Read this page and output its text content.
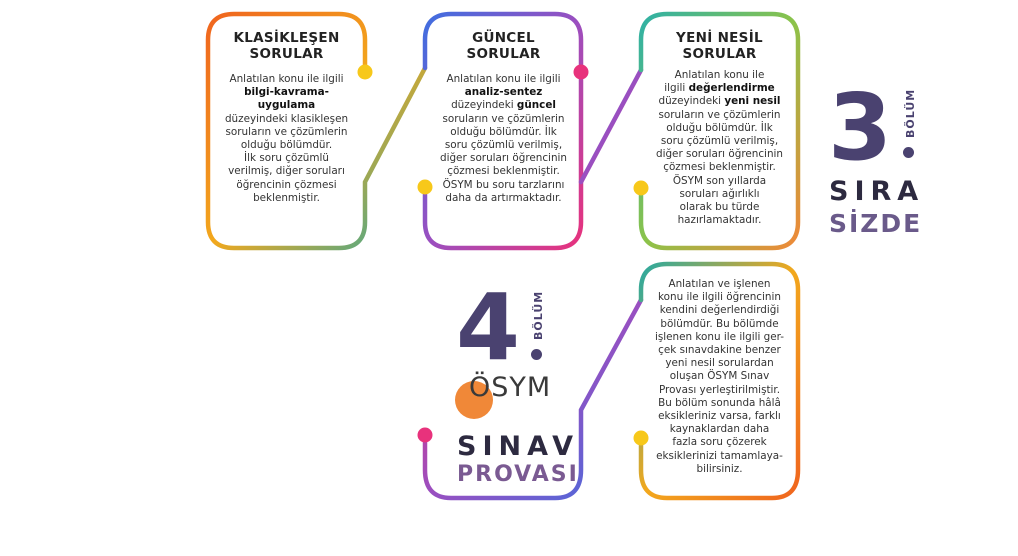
KLASİKLEŞEN
SORULAR
Anlatılan konu ile ilgili
bilgi-kavrama-
uygulama
düzeyindeki klasikleşen
soruların ve çözümlerin
olduğu bölümdür.
İlk soru çözümlü
verilmiş, diğer soruları
öğrencinin çözmesi
beklenmiştir.
GÜNCEL
SORULAR
Anlatılan konu ile ilgili
analiz-sentez
düzeyindeki güncel
soruların ve çözümlerin
olduğu bölümdür. İlk
soru çözümlü verilmiş,
diğer soruları öğrencinin
çözmesi beklenmiştir.
ÖSYM bu soru tarzlarını
daha da artırmaktadır.
YENİ NESİL
SORULAR
Anlatılan konu ile
ilgili değerlendirme
düzeyindeki yeni nesil
soruların ve çözümlerin
olduğu bölümdür. İlk
soru çözümlü verilmiş,
diğer soruları öğrencinin
çözmesi beklenmiştir.
ÖSYM son yıllarda
soruları ağırlıklı
olarak bu türde
hazırlamaktadır.
Anlatılan ve işlenen
konu ile ilgili öğrencinin
kendini değerlendirdiği
bölümdür. Bu bölümde
işlenen konu ile ilgili ger-
çek sınavdakine benzer
yeni nesil sorulardan
oluşan ÖSYM Sınav
Provası yerleştirilmiştir.
Bu bölüm sonunda hâlâ
eksikleriniz varsa, farklı
kaynaklardan daha
fazla soru çözerek
eksiklerinizi tamamlaya-
bilirsiniz.
3 BÖLÜM
SIRA
SİZDE
4 BÖLÜM
ÖSYM
SINAV
PROVASI
